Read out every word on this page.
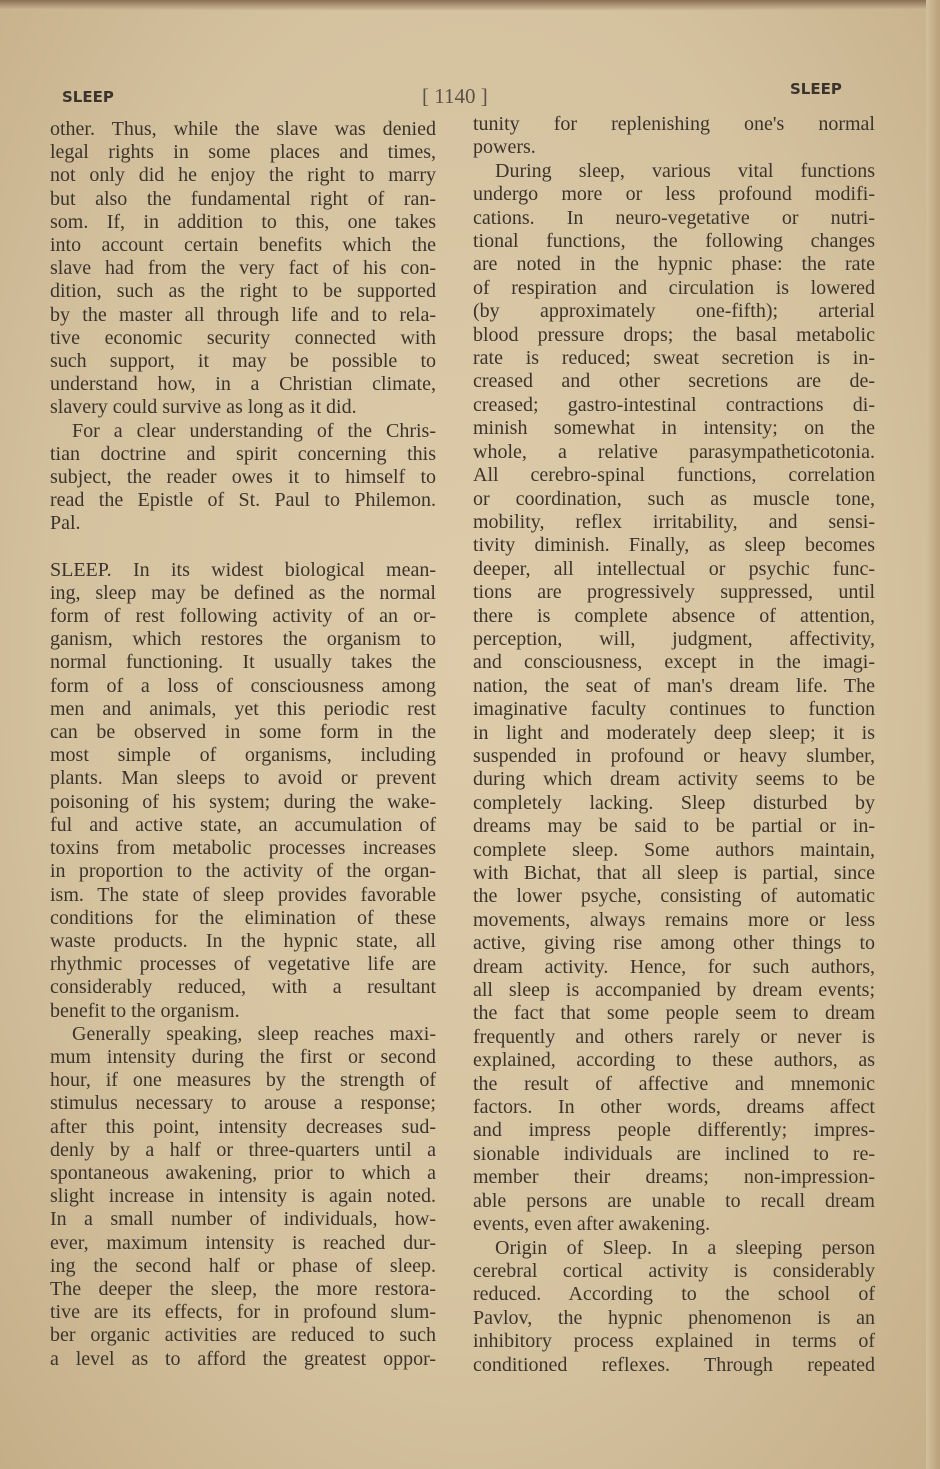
SLEEP	[ 1140 ]	SLEEP
other. Thus, while the slave was denied
legal rights in some places and times,
not only did he enjoy the right to marry
but also the fundamental right of ran-
som. If, in addition to this, one takes
into account certain benefits which the
slave had from the very fact of his con-
dition, such as the right to be supported
by the master all through life and to rela-
tive economic security connected with
such support, it may be possible to
understand how, in a Christian climate,
slavery could survive as long as it did.
For a clear understanding of the Chris-
tian doctrine and spirit concerning this
subject, the reader owes it to himself to
read the Epistle of St. Paul to Philemon.
Pal.
SLEEP. In its widest biological mean-
ing, sleep may be defined as the normal
form of rest following activity of an or-
ganism, which restores the organism to
normal functioning. It usually takes the
form of a loss of consciousness among
men and animals, yet this periodic rest
can be observed in some form in the
most simple of organisms, including
plants. Man sleeps to avoid or prevent
poisoning of his system; during the wake-
ful and active state, an accumulation of
toxins from metabolic processes increases
in proportion to the activity of the organ-
ism. The state of sleep provides favorable
conditions for the elimination of these
waste products. In the hypnic state, all
rhythmic processes of vegetative life are
considerably reduced, with a resultant
benefit to the organism.
Generally speaking, sleep reaches maxi-
mum intensity during the first or second
hour, if one measures by the strength of
stimulus necessary to arouse a response;
after this point, intensity decreases sud-
denly by a half or three-quarters until a
spontaneous awakening, prior to which a
slight increase in intensity is again noted.
In a small number of individuals, how-
ever, maximum intensity is reached dur-
ing the second half or phase of sleep.
The deeper the sleep, the more restora-
tive are its effects, for in profound slum-
ber organic activities are reduced to such
a level as to afford the greatest oppor-
tunity for replenishing one's normal
powers.
During sleep, various vital functions
undergo more or less profound modifi-
cations. In neuro-vegetative or nutri-
tional functions, the following changes
are noted in the hypnic phase: the rate
of respiration and circulation is lowered
(by approximately one-fifth); arterial
blood pressure drops; the basal metabolic
rate is reduced; sweat secretion is in-
creased and other secretions are de-
creased; gastro-intestinal contractions di-
minish somewhat in intensity; on the
whole, a relative parasympatheticotonia.
All cerebro-spinal functions, correlation
or coordination, such as muscle tone,
mobility, reflex irritability, and sensi-
tivity diminish. Finally, as sleep becomes
deeper, all intellectual or psychic func-
tions are progressively suppressed, until
there is complete absence of attention,
perception, will, judgment, affectivity,
and consciousness, except in the imagi-
nation, the seat of man's dream life. The
imaginative faculty continues to function
in light and moderately deep sleep; it is
suspended in profound or heavy slumber,
during which dream activity seems to be
completely lacking. Sleep disturbed by
dreams may be said to be partial or in-
complete sleep. Some authors maintain,
with Bichat, that all sleep is partial, since
the lower psyche, consisting of automatic
movements, always remains more or less
active, giving rise among other things to
dream activity. Hence, for such authors,
all sleep is accompanied by dream events;
the fact that some people seem to dream
frequently and others rarely or never is
explained, according to these authors, as
the result of affective and mnemonic
factors. In other words, dreams affect
and impress people differently; impres-
sionable individuals are inclined to re-
member their dreams; non-impression-
able persons are unable to recall dream
events, even after awakening.
Origin of Sleep. In a sleeping person
cerebral cortical activity is considerably
reduced. According to the school of
Pavlov, the hypnic phenomenon is an
inhibitory process explained in terms of
conditioned reflexes. Through repeated
